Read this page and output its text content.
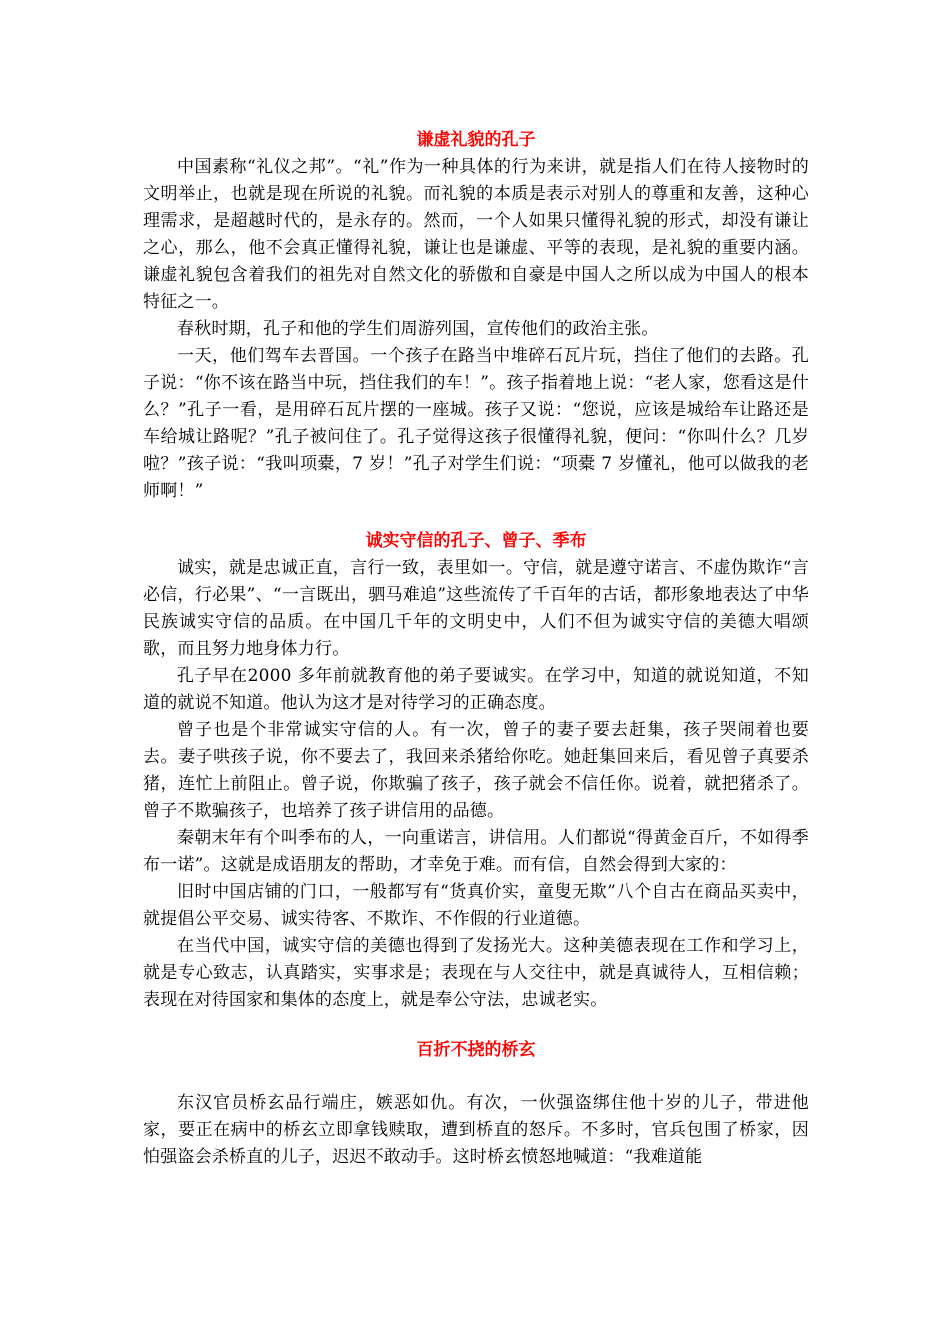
谦虚礼貌的孔子

中国素称“礼仪之邦”。“礼”作为一种具体的行为来讲，就是指人们在待人接物时的文明举止，也就是现在所说的礼貌。而礼貌的本质是表示对别人的尊重和友善，这种心理需求，是超越时代的，是永存的。然而，一个人如果只懂得礼貌的形式，却没有谦让之心，那么，他不会真正懂得礼貌，谦让也是谦虚、平等的表现，是礼貌的重要内涵。谦虚礼貌包含着我们的祖先对自然文化的骄傲和自豪是中国人之所以成为中国人的根本特征之一。

春秋时期，孔子和他的学生们周游列国，宣传他们的政治主张。

一天，他们驾车去晋国。一个孩子在路当中堆碎石瓦片玩，挡住了他们的去路。孔子说：“你不该在路当中玩，挡住我们的车！”。孩子指着地上说：“老人家，您看这是什么？”孔子一看，是用碎石瓦片摆的一座城。孩子又说：“您说，应该是城给车让路还是车给城让路呢？”孔子被问住了。孔子觉得这孩子很懂得礼貌，便问：“你叫什么？几岁啦？”孩子说：“我叫项橐，7 岁！”孔子对学生们说：“项橐 7 岁懂礼，他可以做我的老师啊！”

诚实守信的孔子、曾子、季布

诚实，就是忠诚正直，言行一致，表里如一。守信，就是遵守诺言、不虚伪欺诈“言必信，行必果”、“一言既出，驷马难追”这些流传了千百年的古话，都形象地表达了中华民族诚实守信的品质。在中国几千年的文明史中，人们不但为诚实守信的美德大唱颂歌，而且努力地身体力行。

孔子早在2000 多年前就教育他的弟子要诚实。在学习中，知道的就说知道，不知道的就说不知道。他认为这才是对待学习的正确态度。

曾子也是个非常诚实守信的人。有一次，曾子的妻子要去赶集，孩子哭闹着也要去。妻子哄孩子说，你不要去了，我回来杀猪给你吃。她赶集回来后，看见曾子真要杀猪，连忙上前阻止。曾子说，你欺骗了孩子，孩子就会不信任你。说着，就把猪杀了。曾子不欺骗孩子，也培养了孩子讲信用的品德。

秦朝末年有个叫季布的人，一向重诺言，讲信用。人们都说“得黄金百斤，不如得季布一诺”。这就是成语朋友的帮助，才幸免于难。而有信，自然会得到大家的：

旧时中国店铺的门口，一般都写有“货真价实，童叟无欺”八个自古在商品买卖中，就提倡公平交易、诚实待客、不欺诈、不作假的行业道德。

在当代中国，诚实守信的美德也得到了发扬光大。这种美德表现在工作和学习上，就是专心致志，认真踏实，实事求是；表现在与人交往中，就是真诚待人，互相信赖；表现在对待国家和集体的态度上，就是奉公守法，忠诚老实。

百折不挠的桥玄

东汉官员桥玄品行端庄，嫉恶如仇。有次，一伙强盗绑住他十岁的儿子，带进他家，要正在病中的桥玄立即拿钱赎取，遭到桥直的怒斥。不多时，官兵包围了桥家，因怕强盗会杀桥直的儿子，迟迟不敢动手。这时桥玄愤怒地喊道：“我难道能
